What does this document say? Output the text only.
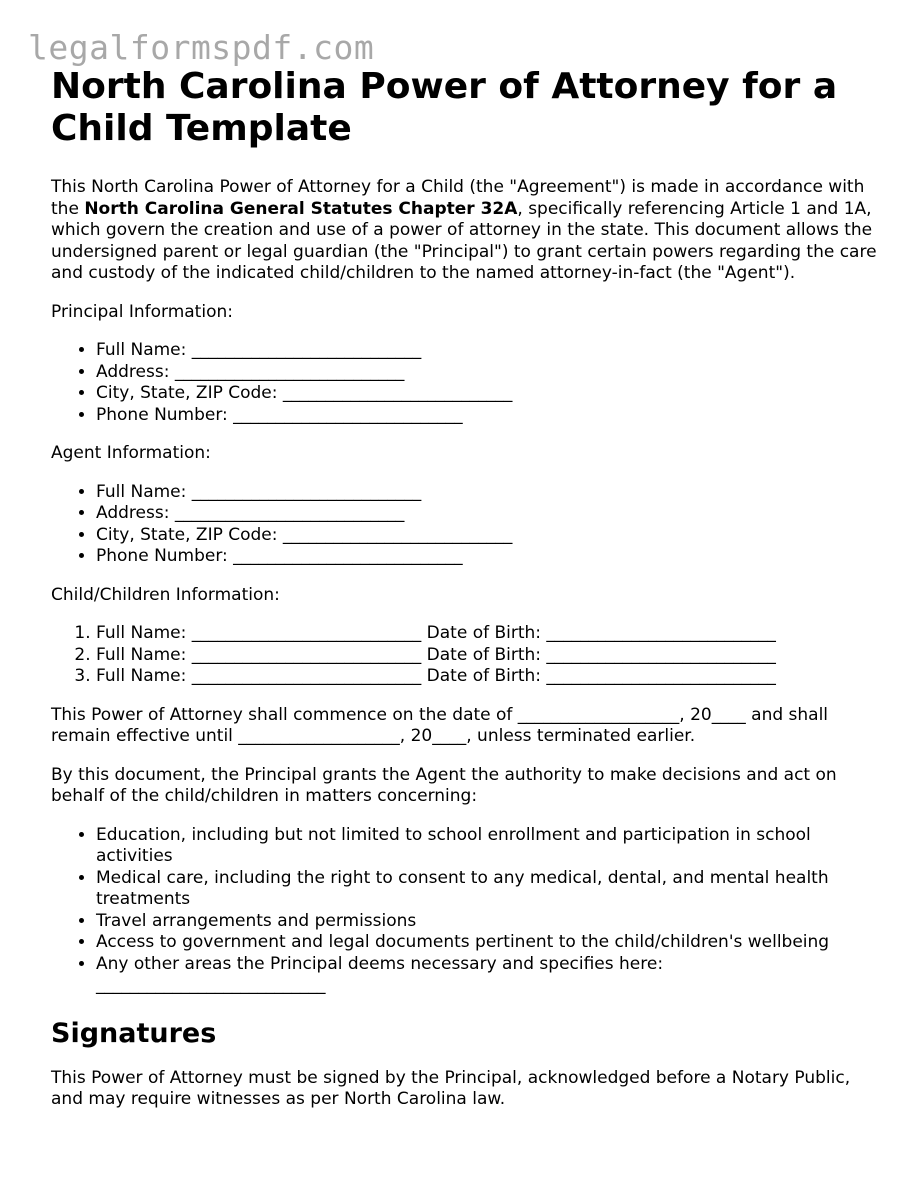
legalformspdf.com
North Carolina Power of Attorney for a Child Template

This North Carolina Power of Attorney for a Child (the "Agreement") is made in accordance with the North Carolina General Statutes Chapter 32A, specifically referencing Article 1 and 1A, which govern the creation and use of a power of attorney in the state. This document allows the undersigned parent or legal guardian (the "Principal") to grant certain powers regarding the care and custody of the indicated child/children to the named attorney-in-fact (the "Agent").

Principal Information:

• Full Name: ___________________________
• Address: ___________________________
• City, State, ZIP Code: ___________________________
• Phone Number: ___________________________

Agent Information:

• Full Name: ___________________________
• Address: ___________________________
• City, State, ZIP Code: ___________________________
• Phone Number: ___________________________

Child/Children Information:

1. Full Name: ___________________________ Date of Birth: ___________________________
2. Full Name: ___________________________ Date of Birth: ___________________________
3. Full Name: ___________________________ Date of Birth: ___________________________

This Power of Attorney shall commence on the date of ___________________, 20____ and shall remain effective until ___________________, 20____, unless terminated earlier.

By this document, the Principal grants the Agent the authority to make decisions and act on behalf of the child/children in matters concerning:

• Education, including but not limited to school enrollment and participation in school activities
• Medical care, including the right to consent to any medical, dental, and mental health treatments
• Travel arrangements and permissions
• Access to government and legal documents pertinent to the child/children's wellbeing
• Any other areas the Principal deems necessary and specifies here: ___________________________
Signatures

This Power of Attorney must be signed by the Principal, acknowledged before a Notary Public, and may require witnesses as per North Carolina law.
